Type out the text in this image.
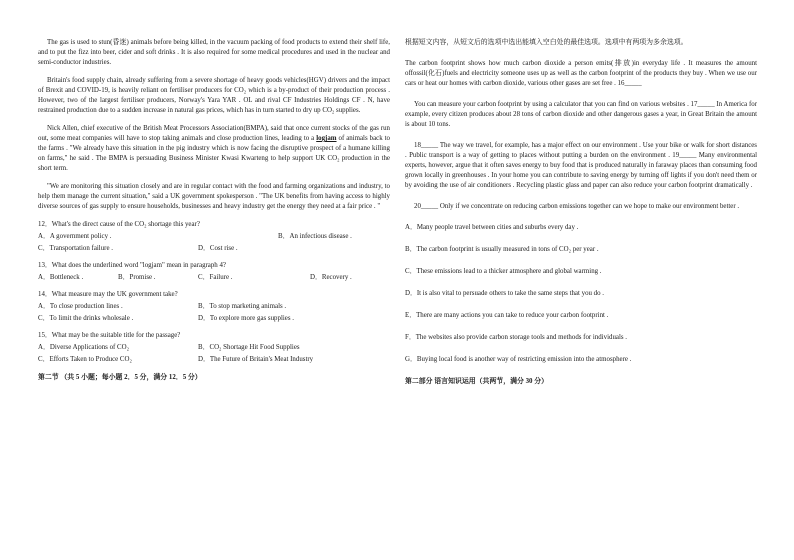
The gas is used to stun(昏迷) animals before being killed, in the vacuum packing of food products to extend their shelf life, and to put the fizz into beer, cider and soft drinks . It is also required for some medical procedures and used in the nuclear and semi-conductor industries.

Britain's food supply chain, already suffering from a severe shortage of heavy goods vehicles(HGV) drivers and the impact of Brexit and COVID-19, is heavily reliant on fertiliser producers for CO₂ which is a by-product of their production process . However, two of the largest fertiliser producers, Norway's Yara YAR . OL and rival CF Industries Holdings CF . N, have restrained production due to a sudden increase in natural gas prices, which has in turn started to dry up CO₂ supplies.

Nick Allen, chief executive of the British Meat Processors Association(BMPA), said that once current stocks of the gas run out, some meat companies will have to stop taking animals and close production lines, leading to a logjam of animals back to the farms . "We already have this situation in the pig industry which is now facing the disruptive prospect of a humane killing on farms," he said . The BMPA is persuading Business Minister Kwasi Kwarteng to help support UK CO₂ production in the short term.

"We are monitoring this situation closely and are in regular contact with the food and farming organizations and industry, to help them manage the current situation," said a UK government spokesperson . "The UK benefits from having access to highly diverse sources of gas supply to ensure households, businesses and heavy industry get the energy they need at a fair price . "

12．What's the direct cause of the CO₂ shortage this year?
A．A government policy .	B．An infectious disease .
C．Transportation failure .	D．Cost rise .
13．What does the underlined word "logjam" mean in paragraph 4?
A．Bottleneck .	B．Promise .	C．Failure .	D．Recovery .
14．What measure may the UK government take?
A．To close production lines .	B．To stop marketing animals .
C．To limit the drinks wholesale .	D．To explore more gas supplies .
15．What may be the suitable title for the passage?
A．Diverse Applications of CO₂	B．CO₂ Shortage Hit Food Supplies
C．Efforts Taken to Produce CO₂	D．The Future of Britain's Meat Industry
第二节 （共 5 小题；每小题 2．5 分，满分 12．5 分）

根据短文内容，从短文后的选项中选出能填入空白处的最佳选项。选项中有两项为多余选项。

The carbon footprint shows how much carbon dioxide a person emits(排放)in everyday life . It measures the amount offossil(化石)fuels and electricity someone uses up as well as the carbon footprint of the products they buy . When we use our cars or heat our homes with carbon dioxide, various other gases are set free . 16_____

You can measure your carbon footprint by using a calculator that you can find on various websites . 17_____ In America for example, every citizen produces about 28 tons of carbon dioxide and other dangerous gases a year, in Great Britain the amount is about 10 tons.

18_____ The way we travel, for example, has a major effect on our environment . Use your bike or walk for short distances . Public transport is a way of getting to places without putting a burden on the environment . 19_____ Many environmental experts, however, argue that it often saves energy to buy food that is produced naturally in faraway places than consuming food grown locally in greenhouses . In your home you can contribute to saving energy by turning off lights if you don't need them or by avoiding the use of air conditioners . Recycling plastic glass and paper can also reduce your carbon footprint dramatically .

20_____ Only if we concentrate on reducing carbon emissions together can we hope to make our environment better .

A．Many people travel between cities and suburbs every day .
B．The carbon footprint is usually measured in tons of CO₂ per year .
C．These emissions lead to a thicker atmosphere and global warming .
D．It is also vital to persuade others to take the same steps that you do .
E．There are many actions you can take to reduce your carbon footprint .
F．The websites also provide carbon storage tools and methods for individuals .
G．Buying local food is another way of restricting emission into the atmosphere .
第二部分 语言知识运用（共两节，满分 30 分）
